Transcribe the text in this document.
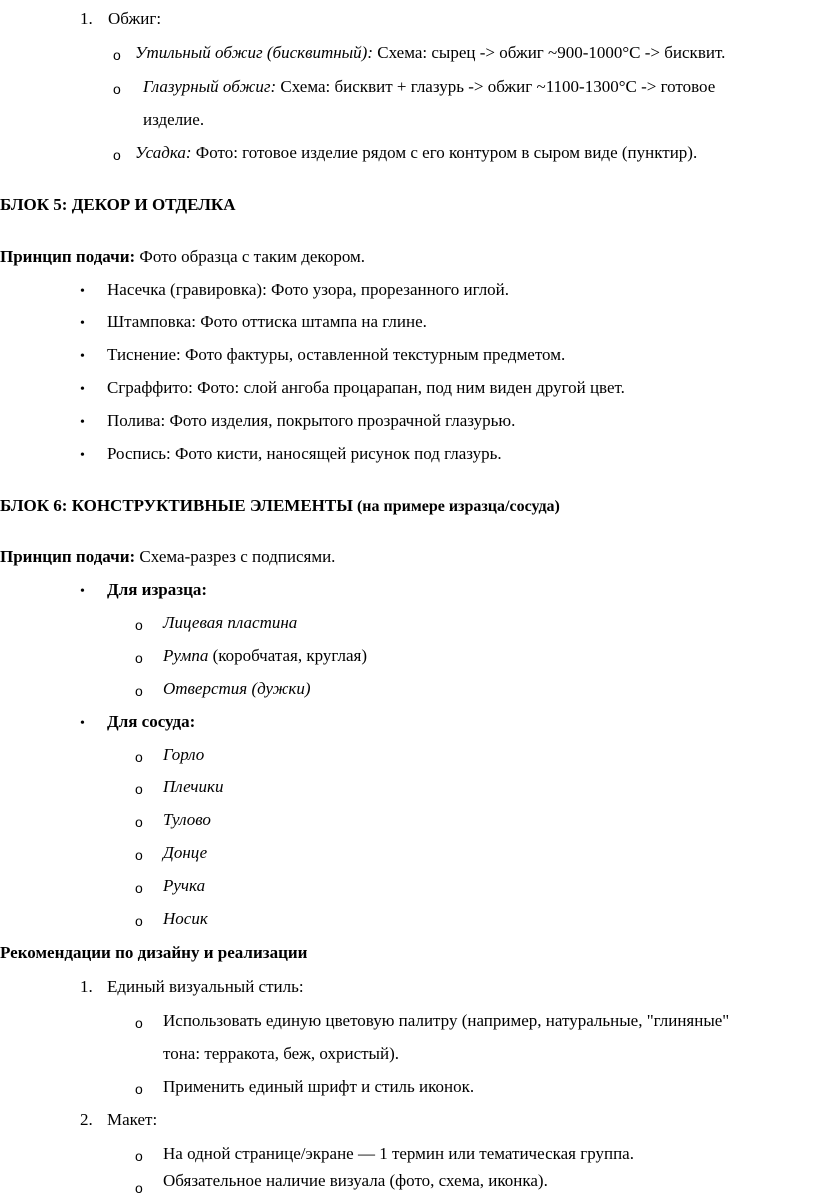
1. Обжиг:
o Утильный обжиг (бисквитный): Схема: сырец -> обжиг ~900-1000°C -> бисквит.
o Глазурный обжиг: Схема: бисквит + глазурь -> обжиг ~1100-1300°C -> готовое
изделие.
o Усадка: Фото: готовое изделие рядом с его контуром в сыром виде (пунктир).
БЛОК 5: ДЕКОР И ОТДЕЛКА
Принцип подачи: Фото образца с таким декором.
• Насечка (гравировка): Фото узора, прорезанного иглой.
• Штамповка: Фото оттиска штампа на глине.
• Тиснение: Фото фактуры, оставленной текстурным предметом.
• Сграффито: Фото: слой ангоба процарапан, под ним виден другой цвет.
• Полива: Фото изделия, покрытого прозрачной глазурью.
• Роспись: Фото кисти, наносящей рисунок под глазурь.
БЛОК 6: КОНСТРУКТИВНЫЕ ЭЛЕМЕНТЫ (на примере изразца/сосуда)
Принцип подачи: Схема-разрез с подписями.
• Для изразца:
o Лицевая пластина
o Румпа (коробчатая, круглая)
o Отверстия (дужки)
• Для сосуда:
o Горло
o Плечики
o Тулово
o Донце
o Ручка
o Носик
Рекомендации по дизайну и реализации
1. Единый визуальный стиль:
o Использовать единую цветовую палитру (например, натуральные, "глиняные"
тона: терракота, беж, охристый).
o Применить единый шрифт и стиль иконок.
2. Макет:
o На одной странице/экране — 1 термин или тематическая группа.
o Обязательное наличие визуала (фото, схема, иконка).
